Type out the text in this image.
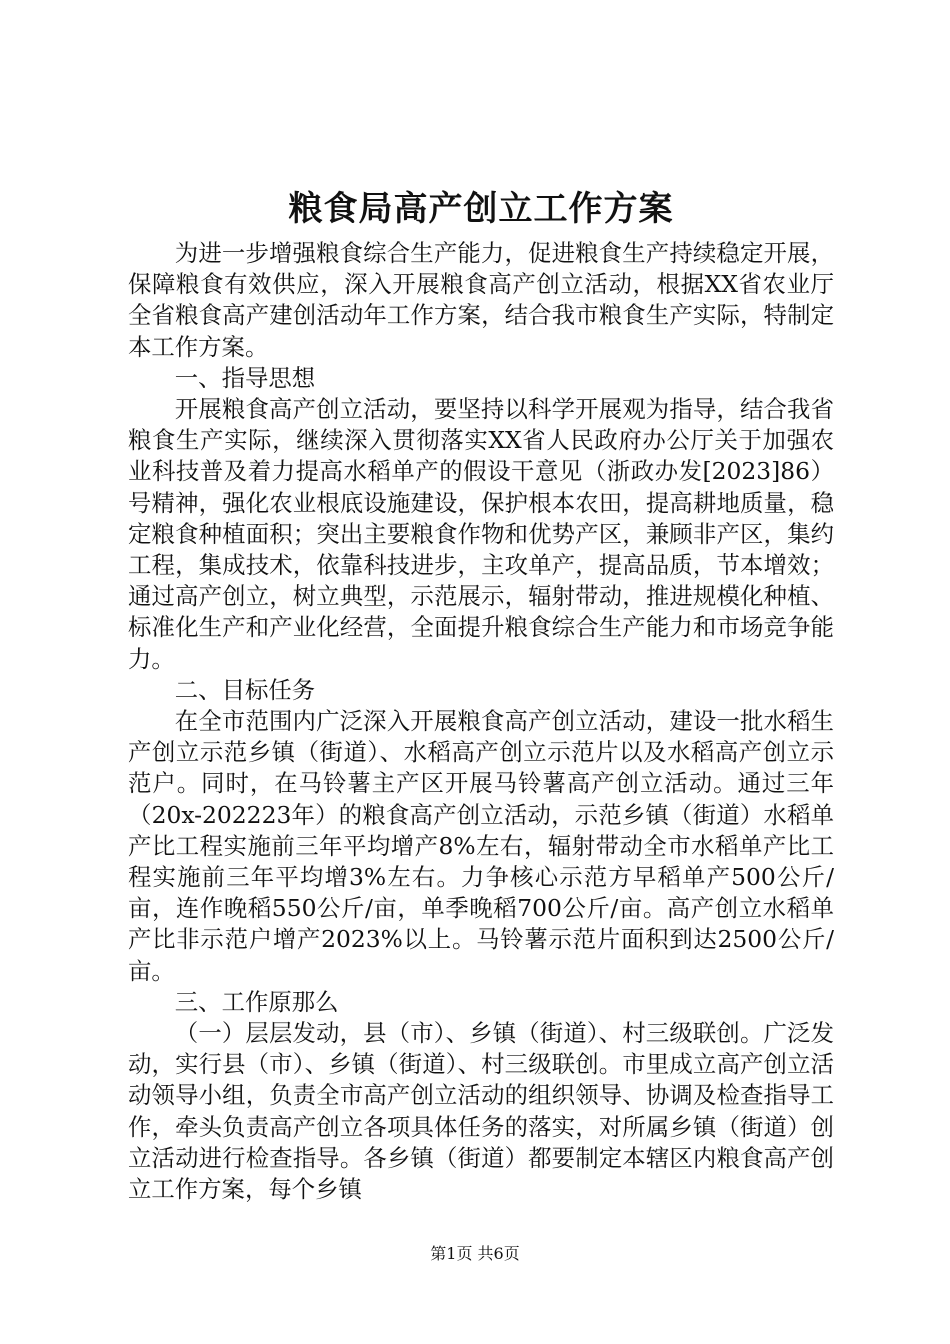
粮食局高产创立工作方案

为进一步增强粮食综合生产能力，促进粮食生产持续稳定开展，保障粮食有效供应，深入开展粮食高产创立活动，根据XX省农业厅全省粮食高产建创活动年工作方案，结合我市粮食生产实际，特制定本工作方案。

一、指导思想

开展粮食高产创立活动，要坚持以科学开展观为指导，结合我省粮食生产实际，继续深入贯彻落实XX省人民政府办公厅关于加强农业科技普及着力提高水稻单产的假设干意见（浙政办发[2023]86）号精神，强化农业根底设施建设，保护根本农田，提高耕地质量，稳定粮食种植面积；突出主要粮食作物和优势产区，兼顾非产区，集约工程，集成技术，依靠科技进步，主攻单产，提高品质，节本增效；通过高产创立，树立典型，示范展示，辐射带动，推进规模化种植、标准化生产和产业化经营，全面提升粮食综合生产能力和市场竞争能力。

二、目标任务

在全市范围内广泛深入开展粮食高产创立活动，建设一批水稻生产创立示范乡镇（街道）、水稻高产创立示范片以及水稻高产创立示范户。同时，在马铃薯主产区开展马铃薯高产创立活动。通过三年（20x-202223年）的粮食高产创立活动，示范乡镇（街道）水稻单产比工程实施前三年平均增产8%左右，辐射带动全市水稻单产比工程实施前三年平均增3%左右。力争核心示范方早稻单产500公斤/亩，连作晚稻550公斤/亩，单季晚稻700公斤/亩。高产创立水稻单产比非示范户增产2023%以上。马铃薯示范片面积到达2500公斤/亩。

三、工作原那么

（一）层层发动，县（市）、乡镇（街道）、村三级联创。广泛发动，实行县（市）、乡镇（街道）、村三级联创。市里成立高产创立活动领导小组，负责全市高产创立活动的组织领导、协调及检查指导工作，牵头负责高产创立各项具体任务的落实，对所属乡镇（街道）创立活动进行检查指导。各乡镇（街道）都要制定本辖区内粮食高产创立工作方案，每个乡镇

第1页 共6页
